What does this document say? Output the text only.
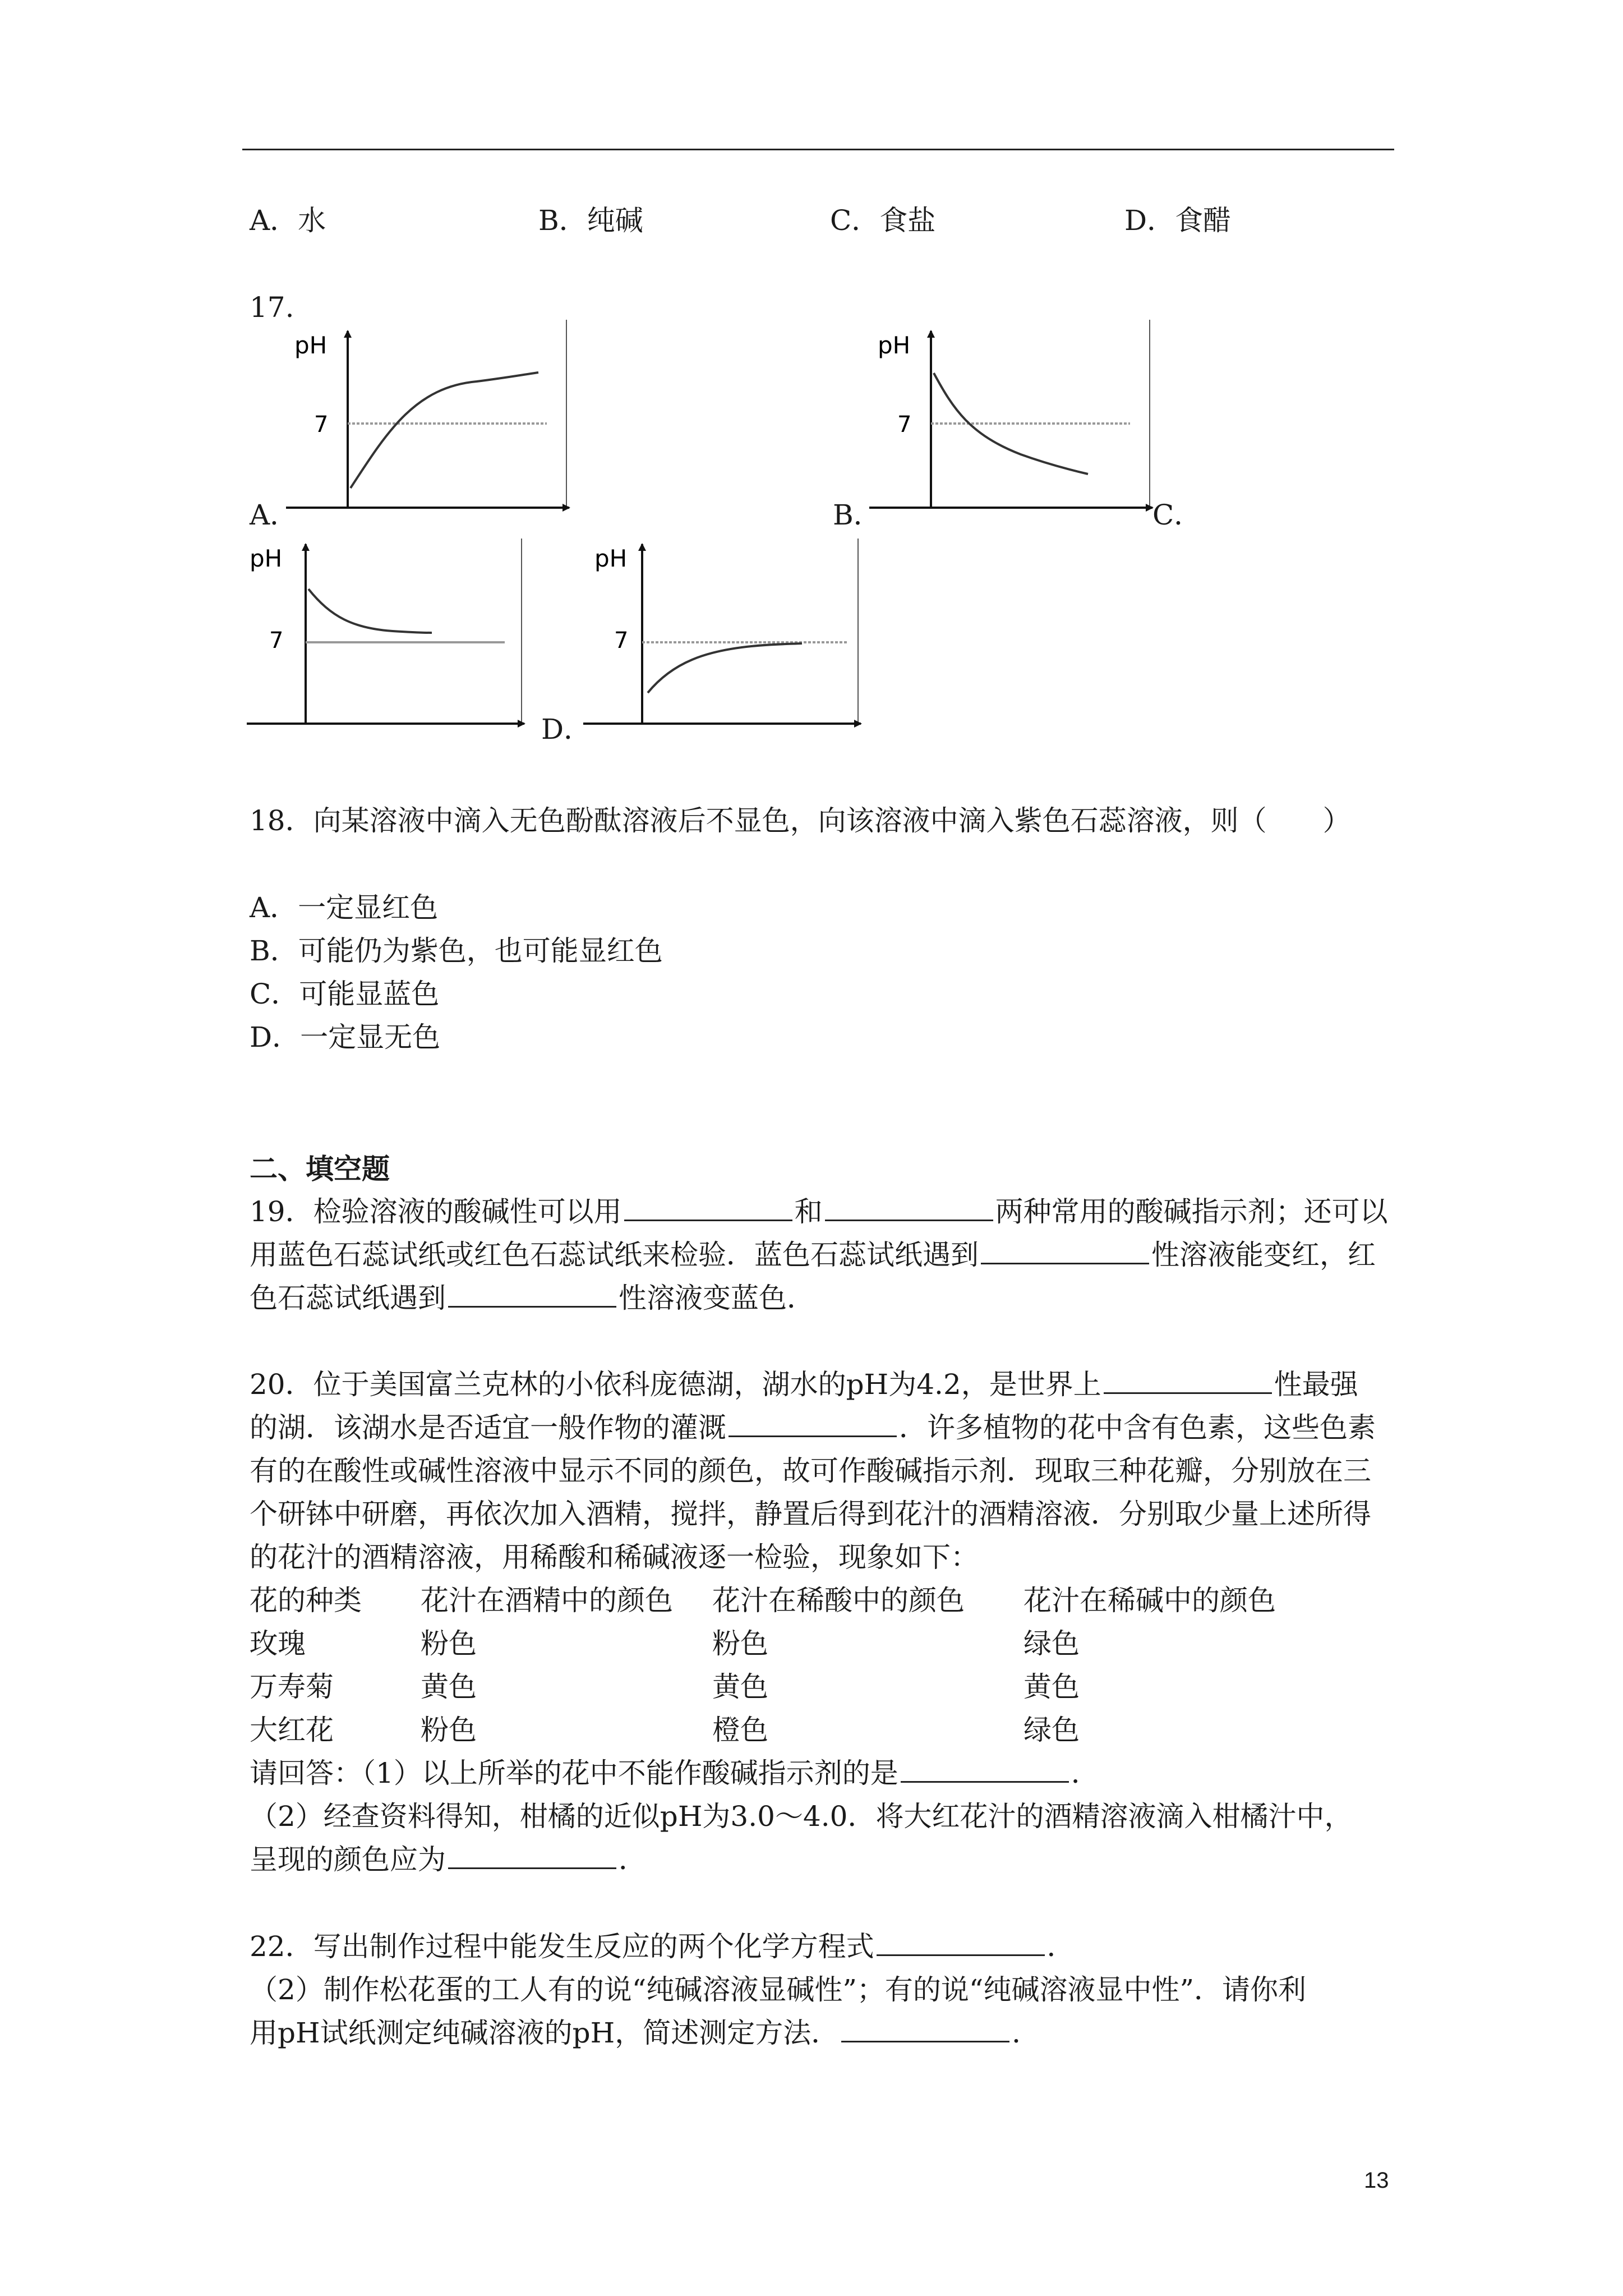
A．水	B．纯碱	C．食盐	D．食醋
17.
pH
7
A．
pH
7
B．	C．
pH
7
pH
7
D．
18．向某溶液中滴入无色酚酞溶液后不显色，向该溶液中滴入紫色石蕊溶液，则（　　）
A．一定显红色
B．可能仍为紫色，也可能显红色
C．可能显蓝色
D．一定显无色
二、填空题
19．检验溶液的酸碱性可以用	和	两种常用的酸碱指示剂；还可以
用蓝色石蕊试纸或红色石蕊试纸来检验．蓝色石蕊试纸遇到	性溶液能变红，红
色石蕊试纸遇到	性溶液变蓝色．
20．位于美国富兰克林的小依科庞德湖，湖水的pH为4.2，是世界上	性最强
的湖．该湖水是否适宜一般作物的灌溉	．许多植物的花中含有色素，这些色素
有的在酸性或碱性溶液中显示不同的颜色，故可作酸碱指示剂．现取三种花瓣，分别放在三
个研钵中研磨，再依次加入酒精，搅拌，静置后得到花汁的酒精溶液．分别取少量上述所得
的花汁的酒精溶液，用稀酸和稀碱液逐一检验，现象如下：
花的种类 花汁在酒精中的颜色 花汁在稀酸中的颜色 花汁在稀碱中的颜色
玫瑰	粉色	粉色	绿色
万寿菊	黄色	黄色	黄色
大红花	粉色	橙色	绿色
请回答：（1）以上所举的花中不能作酸碱指示剂的是	．
（2）经查资料得知，柑橘的近似pH为3.0～4.0．将大红花汁的酒精溶液滴入柑橘汁中，
呈现的颜色应为	．
22．写出制作过程中能发生反应的两个化学方程式	．
（2）制作松花蛋的工人有的说“纯碱溶液显碱性”；有的说“纯碱溶液显中性”．请你利
用pH试纸测定纯碱溶液的pH，简述测定方法．	．
13
